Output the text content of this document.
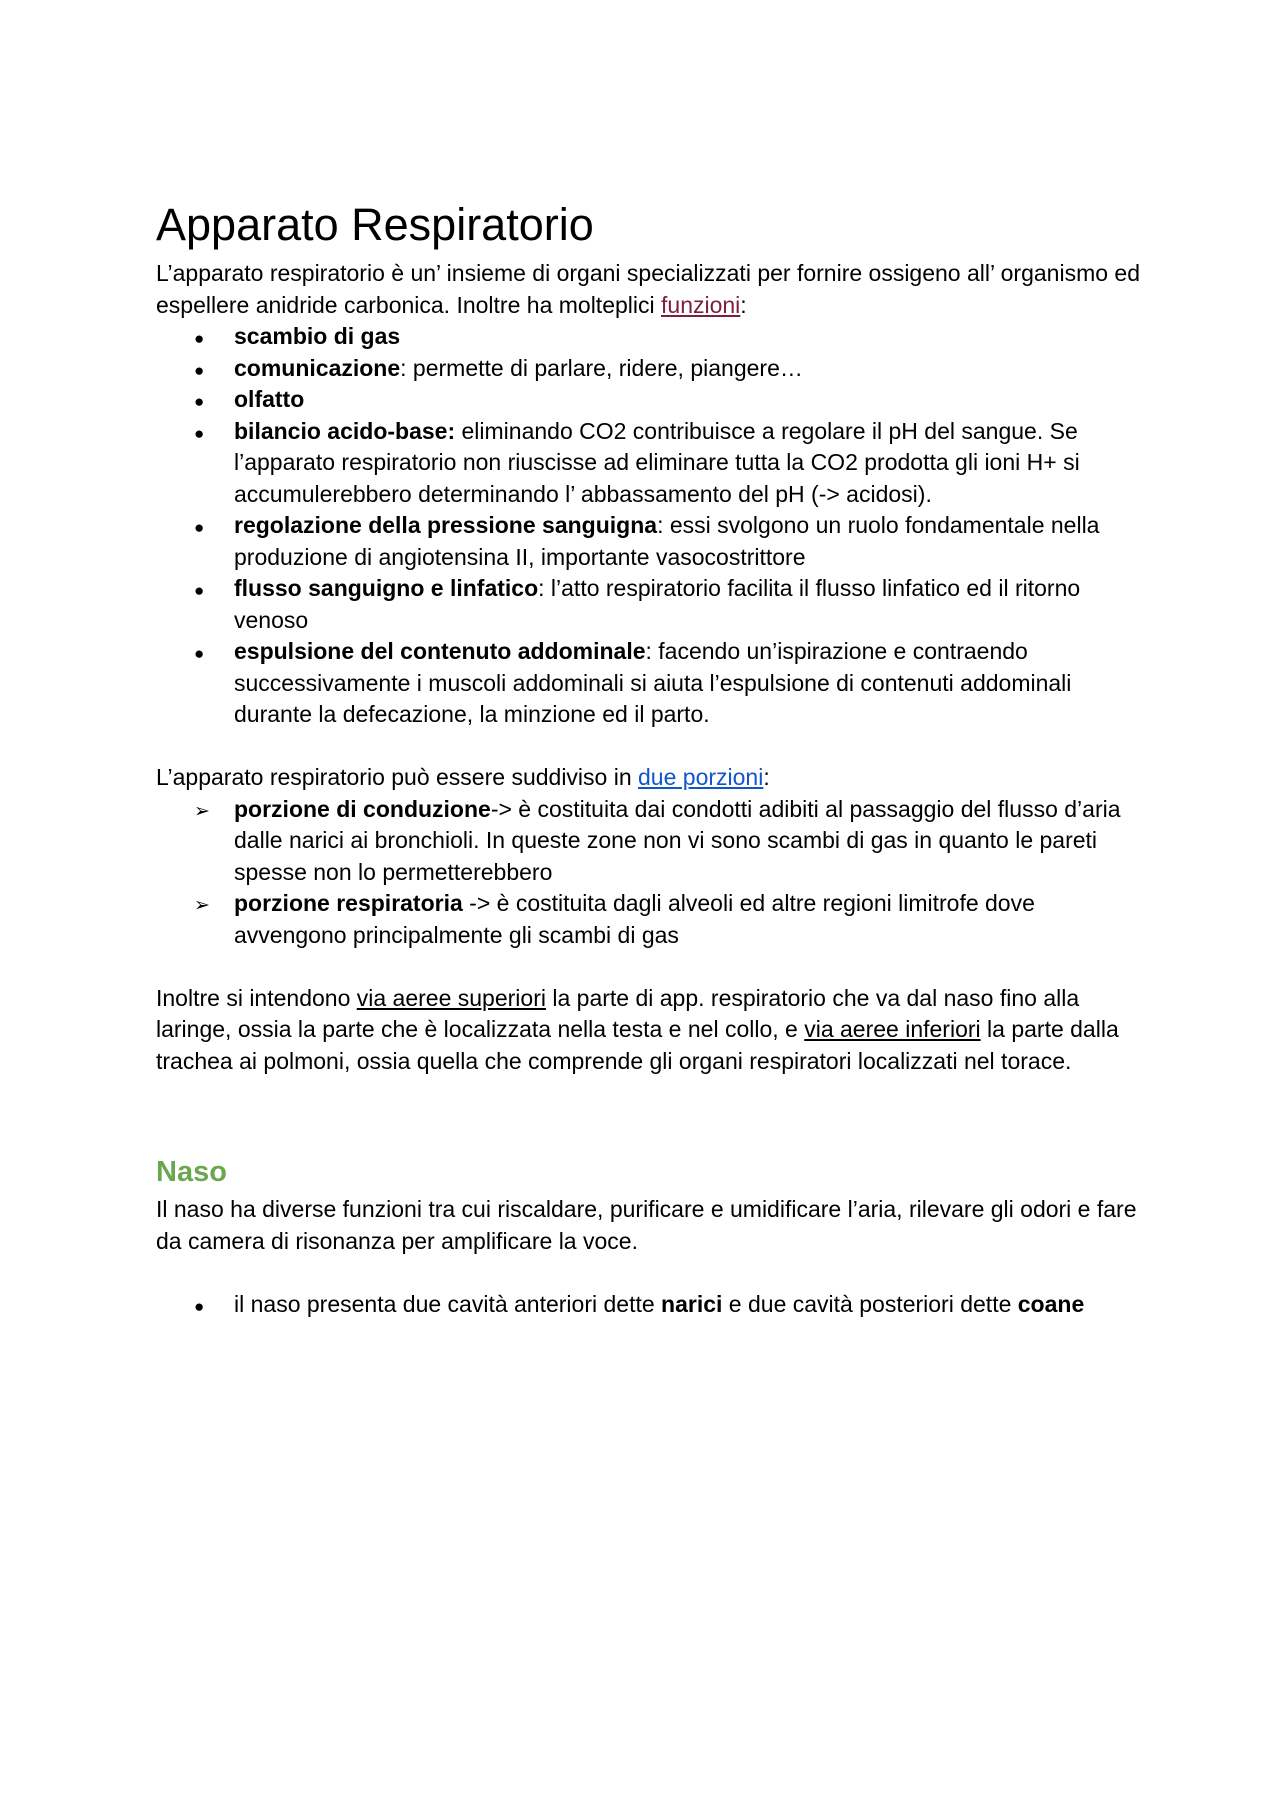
Apparato Respiratorio

L’apparato respiratorio è un’ insieme di organi specializzati per fornire ossigeno all’ organismo ed espellere anidride carbonica. Inoltre ha molteplici funzioni:

●
scambio di gas
●
comunicazione: permette di parlare, ridere, piangere…
●
olfatto
●
bilancio acido-base: eliminando CO2 contribuisce a regolare il pH del sangue. Se l’apparato respiratorio non riuscisse ad eliminare tutta la CO2 prodotta gli ioni H+ si accumulerebbero determinando l’ abbassamento del pH (-> acidosi).
●
regolazione della pressione sanguigna: essi svolgono un ruolo fondamentale nella produzione di angiotensina II, importante vasocostrittore
●
flusso sanguigno e linfatico: l’atto respiratorio facilita il flusso linfatico ed il ritorno venoso
●
espulsione del contenuto addominale: facendo un’ispirazione e contraendo successivamente i muscoli addominali si aiuta l’espulsione di contenuti addominali durante la defecazione, la minzione ed il parto.

L’apparato respiratorio può essere suddiviso in due porzioni:

➢
porzione di conduzione-> è costituita dai condotti adibiti al passaggio del flusso d’aria dalle narici ai bronchioli. In queste zone non vi sono scambi di gas in quanto le pareti spesse non lo permetterebbero
➢
porzione respiratoria -> è costituita dagli alveoli ed altre regioni limitrofe dove avvengono principalmente gli scambi di gas

Inoltre si intendono via aeree superiori la parte di app. respiratorio che va dal naso fino alla laringe, ossia la parte che è localizzata nella testa e nel collo, e via aeree inferiori la parte dalla trachea ai polmoni, ossia quella che comprende gli organi respiratori localizzati nel torace.

Naso

Il naso ha diverse funzioni tra cui riscaldare, purificare e umidificare l’aria, rilevare gli odori e fare da camera di risonanza per amplificare la voce.

●
il naso presenta due cavità anteriori dette narici e due cavità posteriori dette coane
